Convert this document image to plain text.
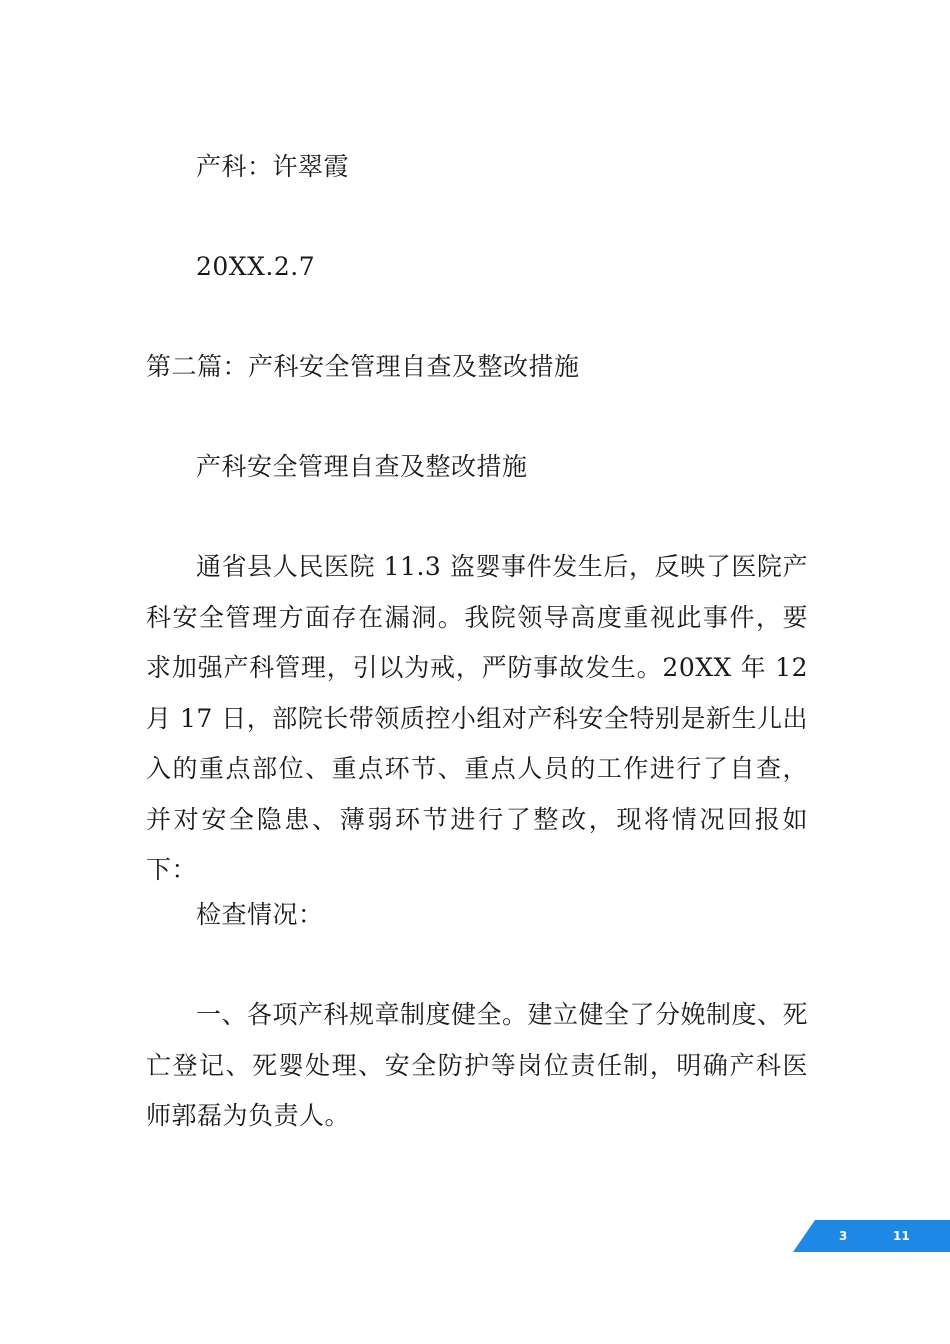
产科：许翠霞
20XX.2.7
第二篇：产科安全管理自查及整改措施
产科安全管理自查及整改措施
通省县人民医院 11.3 盗婴事件发生后，反映了医院产科安全管理方面存在漏洞。我院领导高度重视此事件，要求加强产科管理，引以为戒，严防事故发生。20XX 年 12 月 17 日，部院长带领质控小组对产科安全特别是新生儿出入的重点部位、重点环节、重点人员的工作进行了自查，并对安全隐患、薄弱环节进行了整改，现将情况回报如下：
检查情况：
一、各项产科规章制度健全。建立健全了分娩制度、死亡登记、死婴处理、安全防护等岗位责任制，明确产科医师郭磊为负责人。
3	11
